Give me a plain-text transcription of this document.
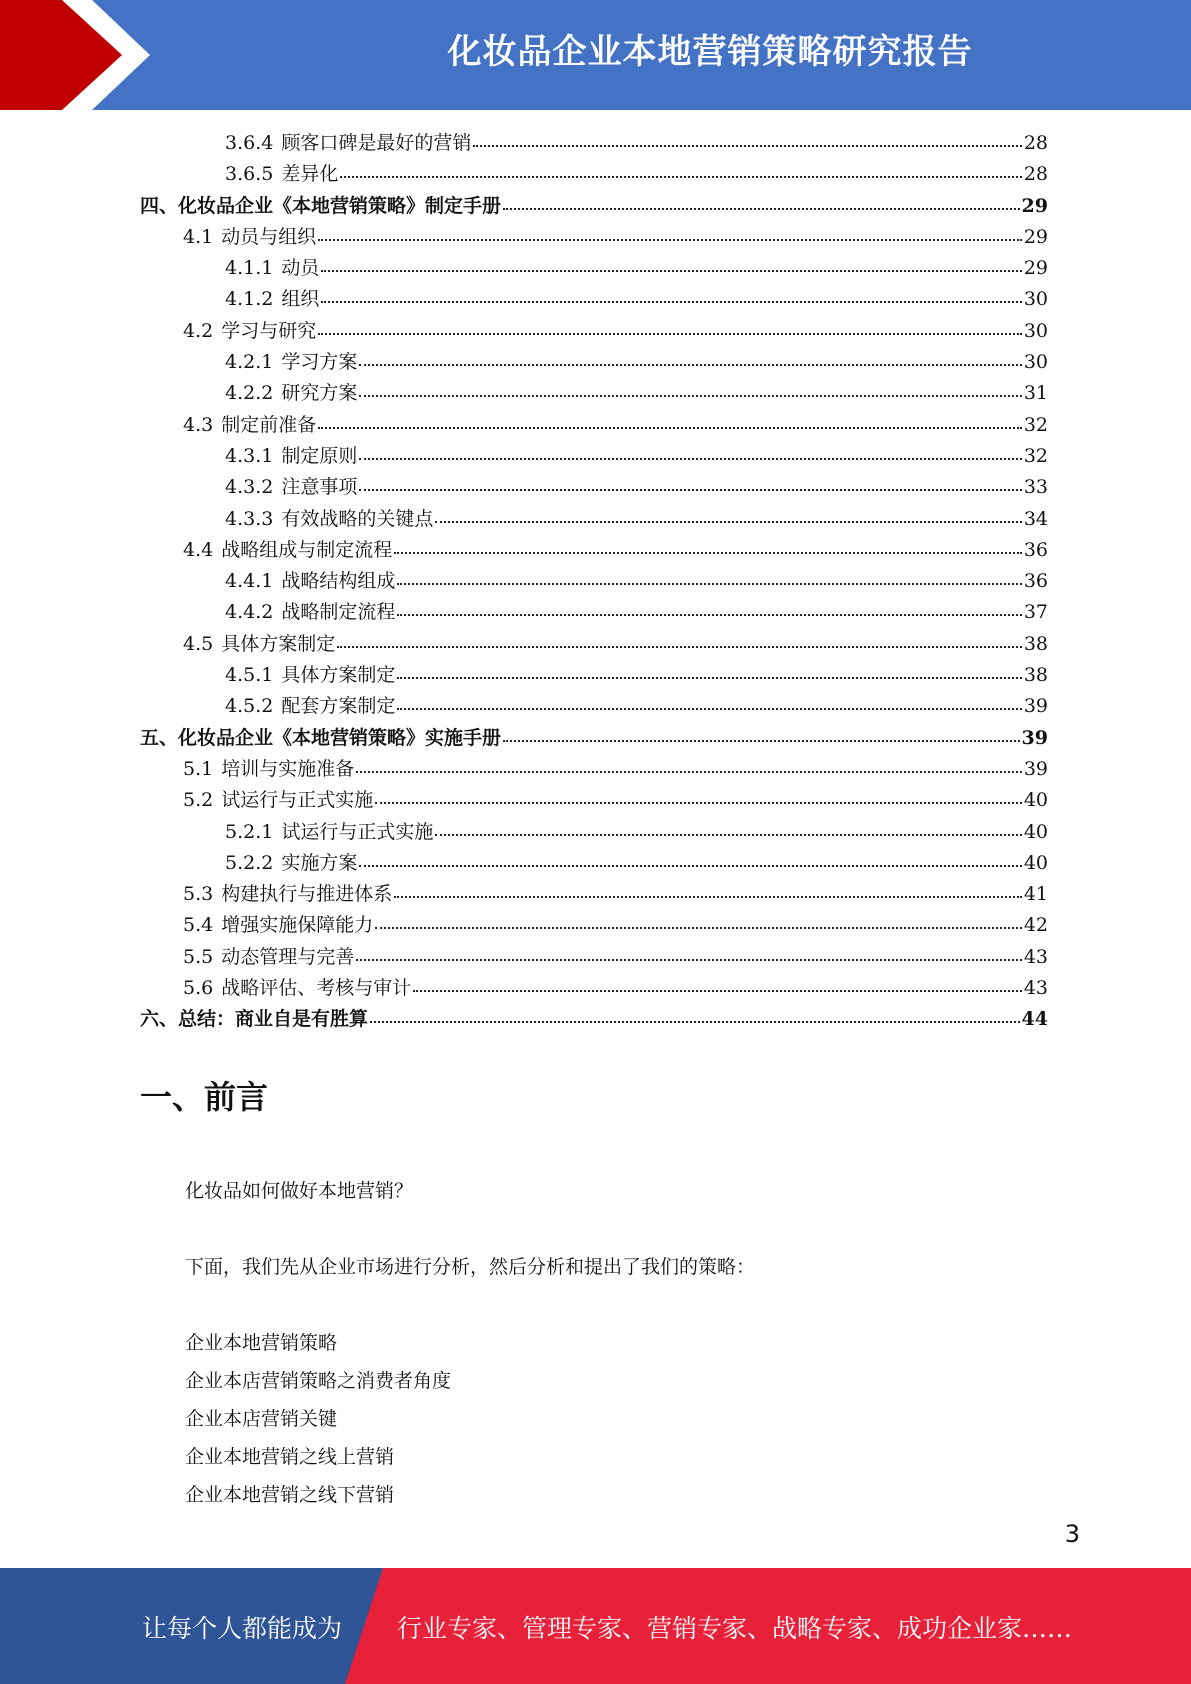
化妆品企业本地营销策略研究报告
3.6.4 顾客口碑是最好的营销	28
3.6.5 差异化	28
四、化妆品企业《本地营销策略》制定手册	29
4.1 动员与组织	29
4.1.1 动员	29
4.1.2 组织	30
4.2 学习与研究	30
4.2.1 学习方案	30
4.2.2 研究方案	31
4.3 制定前准备	32
4.3.1 制定原则	32
4.3.2 注意事项	33
4.3.3 有效战略的关键点	34
4.4 战略组成与制定流程	36
4.4.1 战略结构组成	36
4.4.2 战略制定流程	37
4.5 具体方案制定	38
4.5.1 具体方案制定	38
4.5.2 配套方案制定	39
五、化妆品企业《本地营销策略》实施手册	39
5.1 培训与实施准备	39
5.2 试运行与正式实施	40
5.2.1 试运行与正式实施	40
5.2.2 实施方案	40
5.3 构建执行与推进体系	41
5.4 增强实施保障能力	42
5.5 动态管理与完善	43
5.6 战略评估、考核与审计	43
六、总结：商业自是有胜算	44
一、前言

化妆品如何做好本地营销？

下面，我们先从企业市场进行分析，然后分析和提出了我们的策略：

企业本地营销策略

企业本店营销策略之消费者角度

企业本店营销关键

企业本地营销之线上营销

企业本地营销之线下营销

3
让每个人都能成为 行业专家、管理专家、营销专家、战略专家、成功企业家……
